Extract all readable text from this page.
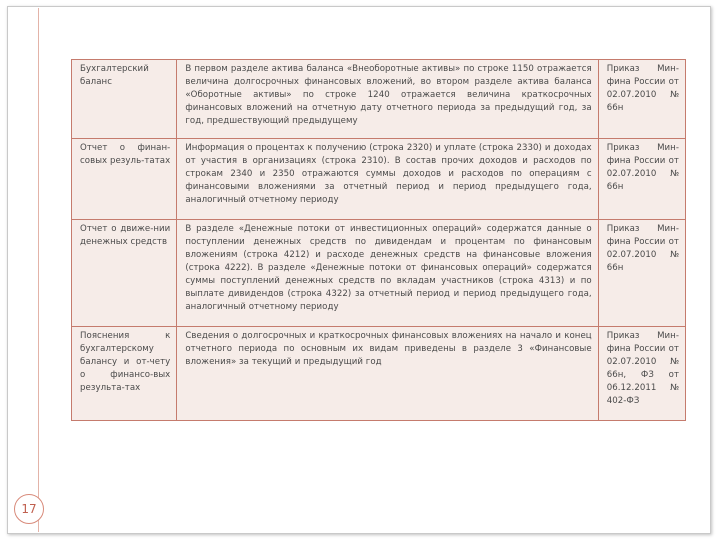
Бухгалтерский баланс	В первом разделе актива баланса «Внеоборотные активы» по строке 1150 отражается величина долгосрочных финансовых вложений, во втором разделе актива баланса «Оборотные активы» по строке 1240 отражается величина краткосрочных финансовых вложений на отчетную дату отчетного периода за предыдущий год, за год, предшествующий предыдущему	Приказ Мин-фина России от 02.07.2010 № 66н
Отчет о финан-совых резуль-татах	Информация о процентах к получению (строка 2320) и уплате (строка 2330) и доходах от участия в организациях (строка 2310). В состав прочих доходов и расходов по строкам 2340 и 2350 отражаются суммы доходов и расходов по операциям с финансовыми вложениями за отчетный период и период предыдущего года, аналогичный отчетному периоду	Приказ Мин-фина России от 02.07.2010 № 66н
Отчет о движе-нии денежных средств	В разделе «Денежные потоки от инвестиционных операций» содержатся данные о поступлении денежных средств по дивидендам и процентам по финансовым вложениям (строка 4212) и расходе денежных средств на финансовые вложения (строка 4222). В разделе «Денежные потоки от финансовых операций» содержатся суммы поступлений денежных средств по вкладам участников (строка 4313) и по выплате дивидендов (строка 4322) за отчетный период и период предыдущего года, аналогичный отчетному периоду	Приказ Мин-фина России от 02.07.2010 № 66н
Пояснения к бухгалтерскому балансу и от-чету о финансо-вых результа-тах	Сведения о долгосрочных и краткосрочных финансовых вложениях на начало и конец отчетного периода по основным их видам приведены в разделе 3 «Финансовые вложения» за текущий и предыдущий год	Приказ Мин-фина России от 02.07.2010 № 66н, ФЗ от 06.12.2011 № 402-ФЗ
17
